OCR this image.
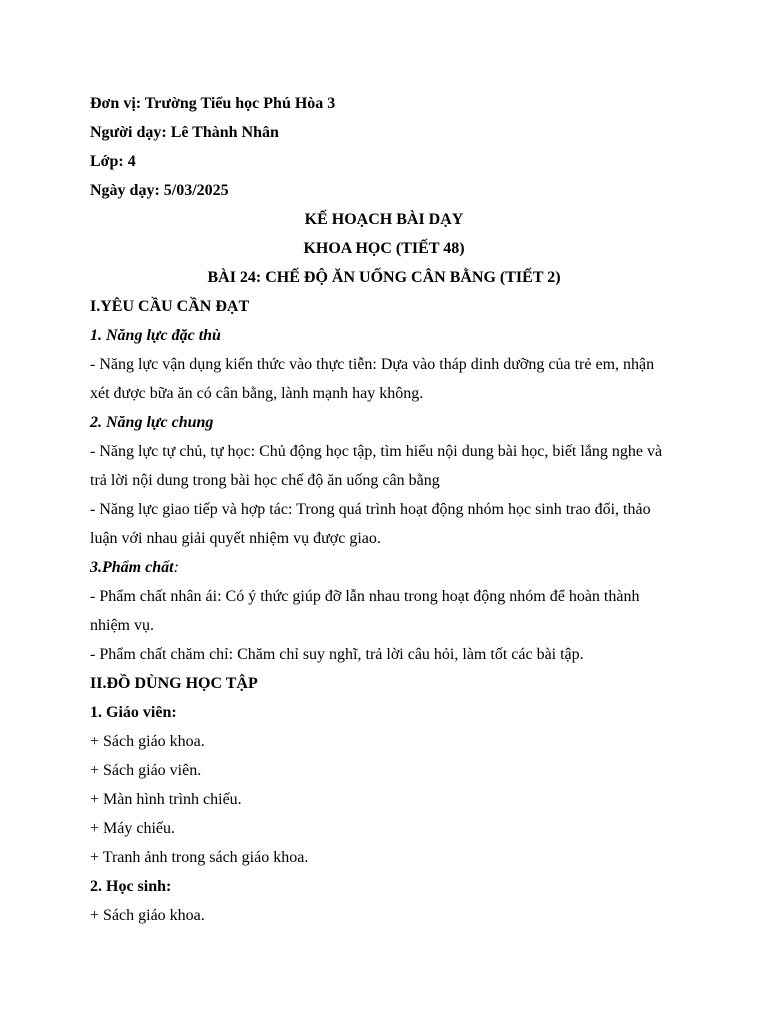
Đơn vị: Trường Tiểu học Phú Hòa 3
Người dạy: Lê Thành Nhân
Lớp: 4
Ngày dạy: 5/03/2025
KẾ HOẠCH BÀI DẠY
KHOA HỌC (TIẾT 48)
BÀI 24: CHẾ ĐỘ ĂN UỐNG CÂN BẰNG (TIẾT 2)
I.YÊU CẦU CẦN ĐẠT
1. Năng lực đặc thù
- Năng lực vận dụng kiến thức vào thực tiễn: Dựa vào tháp dinh dưỡng của trẻ em, nhận
xét được bữa ăn có cân bằng, lành mạnh hay không.
2. Năng lực chung
- Năng lực tự chủ, tự học: Chủ động học tập, tìm hiểu nội dung bài học, biết lắng nghe và
trả lời nội dung trong bài học chế độ ăn uống cân bằng
- Năng lực giao tiếp và hợp tác: Trong quá trình hoạt động nhóm học sinh trao đổi, thảo
luận với nhau giải quyết nhiệm vụ được giao.
3.Phẩm chất:
- Phẩm chất nhân ái: Có ý thức giúp đỡ lẫn nhau trong hoạt động nhóm để hoàn thành
nhiệm vụ.
- Phẩm chất chăm chỉ: Chăm chỉ suy nghĩ, trả lời câu hỏi, làm tốt các bài tập.
II.ĐỒ DÙNG HỌC TẬP
1. Giáo viên:
+ Sách giáo khoa.
+ Sách giáo viên.
+ Màn hình trình chiếu.
+ Máy chiếu.
+ Tranh ảnh trong sách giáo khoa.
2. Học sinh:
+ Sách giáo khoa.
